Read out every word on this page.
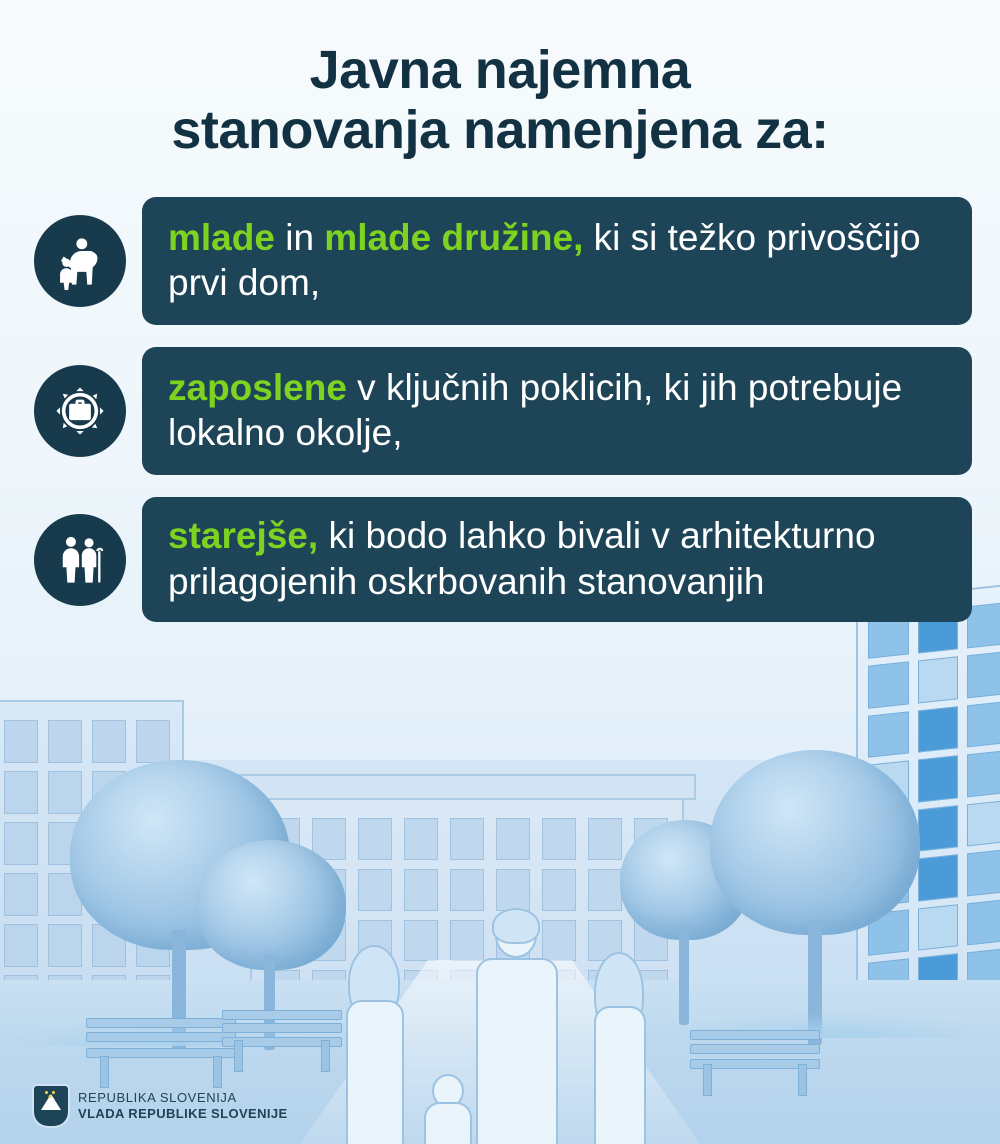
Javna najemna
stanovanja namenjena za:
mlade in mlade družine, ki si težko privoščijo prvi dom,
zaposlene v ključnih poklicih, ki jih potrebuje lokalno okolje,
starejše, ki bodo lahko bivali v arhitekturno prilagojenih oskrbovanih stanovanjih
REPUBLIKA SLOVENIJA
VLADA REPUBLIKE SLOVENIJE
